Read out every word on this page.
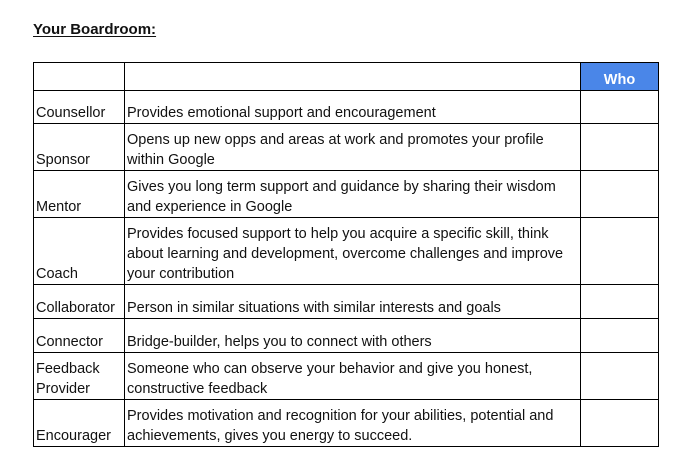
Your Boardroom:
		Who
Counsellor	Provides emotional support and encouragement	
Sponsor	Opens up new opps and areas at work and promotes your profile within Google	
Mentor	Gives you long term support and guidance by sharing their wisdom and experience in Google	
Coach	Provides focused support to help you acquire a specific skill, think about learning and development, overcome challenges and improve your contribution	
Collaborator	Person in similar situations with similar interests and goals	
Connector	Bridge-builder, helps you to connect with others	
Feedback Provider	Someone who can observe your behavior and give you honest, constructive feedback	
Encourager	Provides motivation and recognition for your abilities, potential and achievements, gives you energy to succeed.	
